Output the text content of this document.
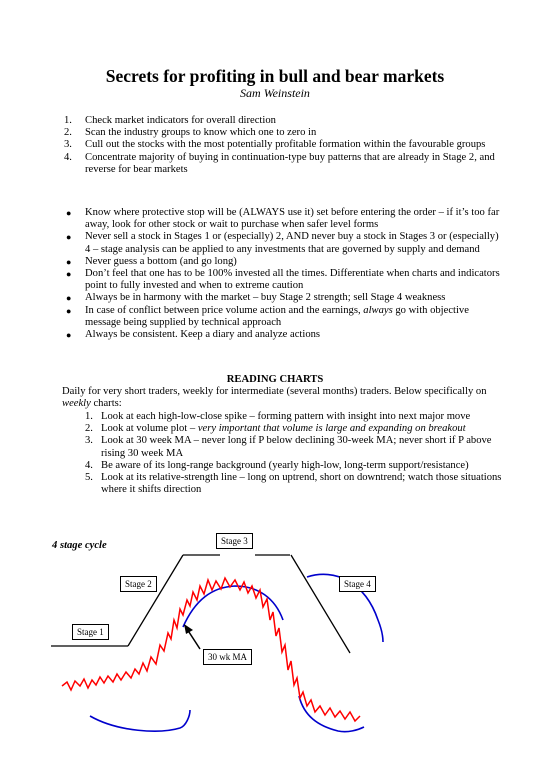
Secrets for profiting in bull and bear markets
Sam Weinstein
1. Check market indicators for overall direction
2. Scan the industry groups to know which one to zero in
3. Cull out the stocks with the most potentially profitable formation within the favourable groups
4. Concentrate majority of buying in continuation-type buy patterns that are already in Stage 2, and reverse for bear markets
● Know where protective stop will be (ALWAYS use it) set before entering the order – if it’s too far away, look for other stock or wait to purchase when safer level forms
● Never sell a stock in Stages 1 or (especially) 2, AND never buy a stock in Stages 3 or (especially) 4 – stage analysis can be applied to any investments that are governed by supply and demand
● Never guess a bottom (and go long)
● Don’t feel that one has to be 100% invested all the times. Differentiate when charts and indicators point to fully invested and when to extreme caution
● Always be in harmony with the market – buy Stage 2 strength; sell Stage 4 weakness
● In case of conflict between price volume action and the earnings, always go with objective message being supplied by technical approach
● Always be consistent. Keep a diary and analyze actions
READING CHARTS
Daily for very short traders, weekly for intermediate (several months) traders. Below specifically on weekly charts:
1. Look at each high-low-close spike – forming pattern with insight into next major move
2. Look at volume plot – very important that volume is large and expanding on breakout
3. Look at 30 week MA – never long if P below declining 30-week MA; never short if P above rising 30 week MA
4. Be aware of its long-range background (yearly high-low, long-term support/resistance)
5. Look at its relative-strength line – long on uptrend, short on downtrend; watch those situations where it shifts direction
4 stage cycle	Stage 3
Stage 2	Stage 4
Stage 1
30 wk MA
